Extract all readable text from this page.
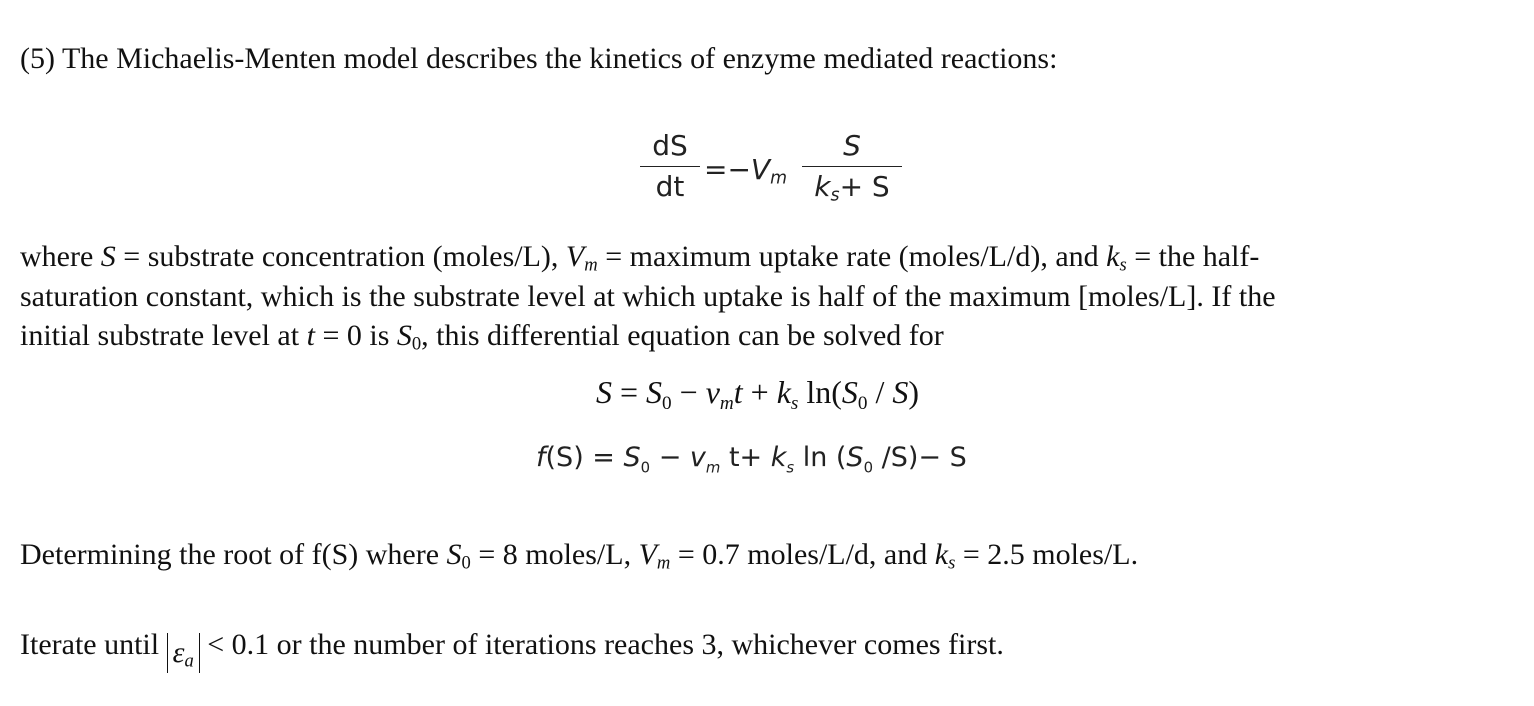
(5) The Michaelis-Menten model describes the kinetics of enzyme mediated reactions:
dS
dt
$=-V_m$
S
$k_s+ S$
where S = substrate concentration (moles/L), $V_m$ = maximum uptake rate (moles/L/d), and $k_s$ = the half-
saturation constant, which is the substrate level at which uptake is half of the maximum [moles/L]. If the
initial substrate level at t = 0 is S0, this differential equation can be solved for
S = S0 − vmt + ks ln(S0 / S)
$f(S) = S_0 - v_m$ $t+ k_s$ $\ln (S_0$ /S)− S
Determining the root of f(S) where S0 = 8 moles/L, $V_m = 0.7$ moles/L/d, and $k_s = 2.5$ moles/L.
Iterate until $\varepsilon_a < 0.1$ or the number of iterations reaches 3, whichever comes first.
